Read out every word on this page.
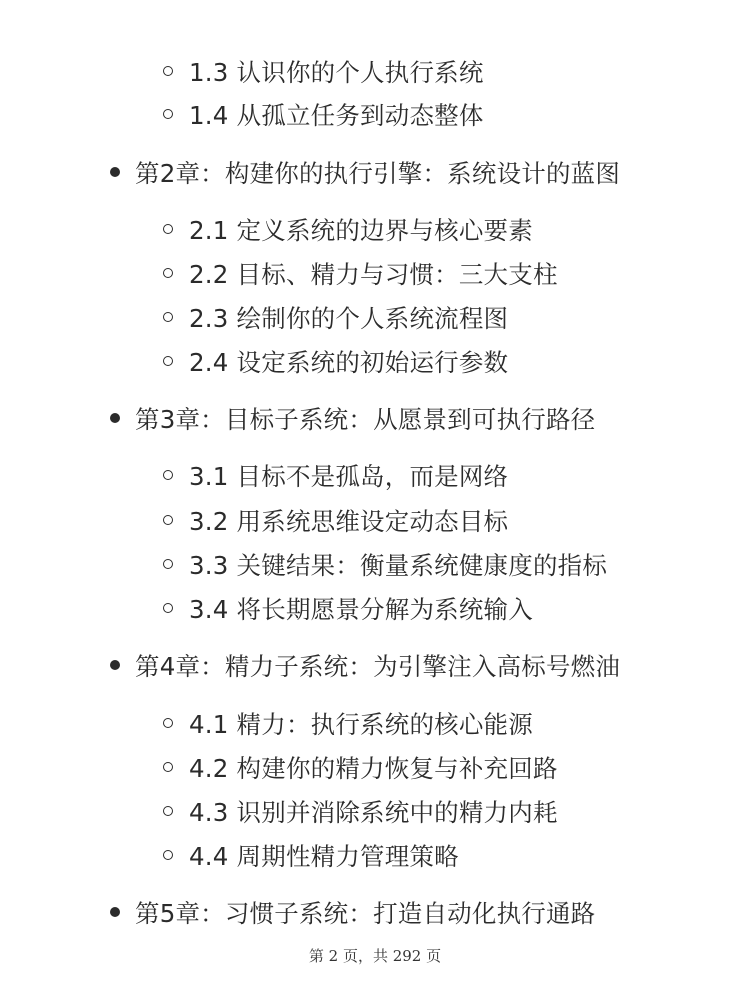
1.3 认识你的个人执行系统
1.4 从孤立任务到动态整体
第2章：构建你的执行引擎：系统设计的蓝图
2.1 定义系统的边界与核心要素
2.2 目标、精力与习惯：三大支柱
2.3 绘制你的个人系统流程图
2.4 设定系统的初始运行参数
第3章：目标子系统：从愿景到可执行路径
3.1 目标不是孤岛，而是网络
3.2 用系统思维设定动态目标
3.3 关键结果：衡量系统健康度的指标
3.4 将长期愿景分解为系统输入
第4章：精力子系统：为引擎注入高标号燃油
4.1 精力：执行系统的核心能源
4.2 构建你的精力恢复与补充回路
4.3 识别并消除系统中的精力内耗
4.4 周期性精力管理策略
第5章：习惯子系统：打造自动化执行通路
第 2 页，共 292 页
